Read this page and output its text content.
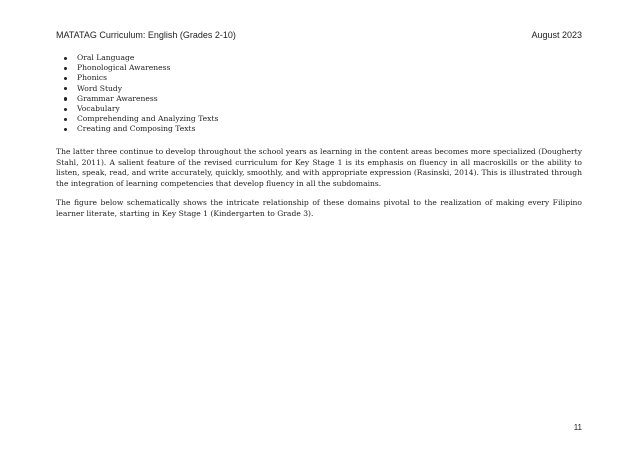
MATATAG Curriculum: English (Grades 2-10)	August 2023
Oral Language
Phonological Awareness
Phonics
Word Study
Grammar Awareness
Vocabulary
Comprehending and Analyzing Texts
Creating and Composing Texts

The latter three continue to develop throughout the school years as learning in the content areas becomes more specialized (Dougherty Stahl, 2011). A salient feature of the revised curriculum for Key Stage 1 is its emphasis on fluency in all macroskills or the ability to listen, speak, read, and write accurately, quickly, smoothly, and with appropriate expression (Rasinski, 2014). This is illustrated through the integration of learning competencies that develop fluency in all the subdomains.

The figure below schematically shows the intricate relationship of these domains pivotal to the realization of making every Filipino learner literate, starting in Key Stage 1 (Kindergarten to Grade 3).

11
